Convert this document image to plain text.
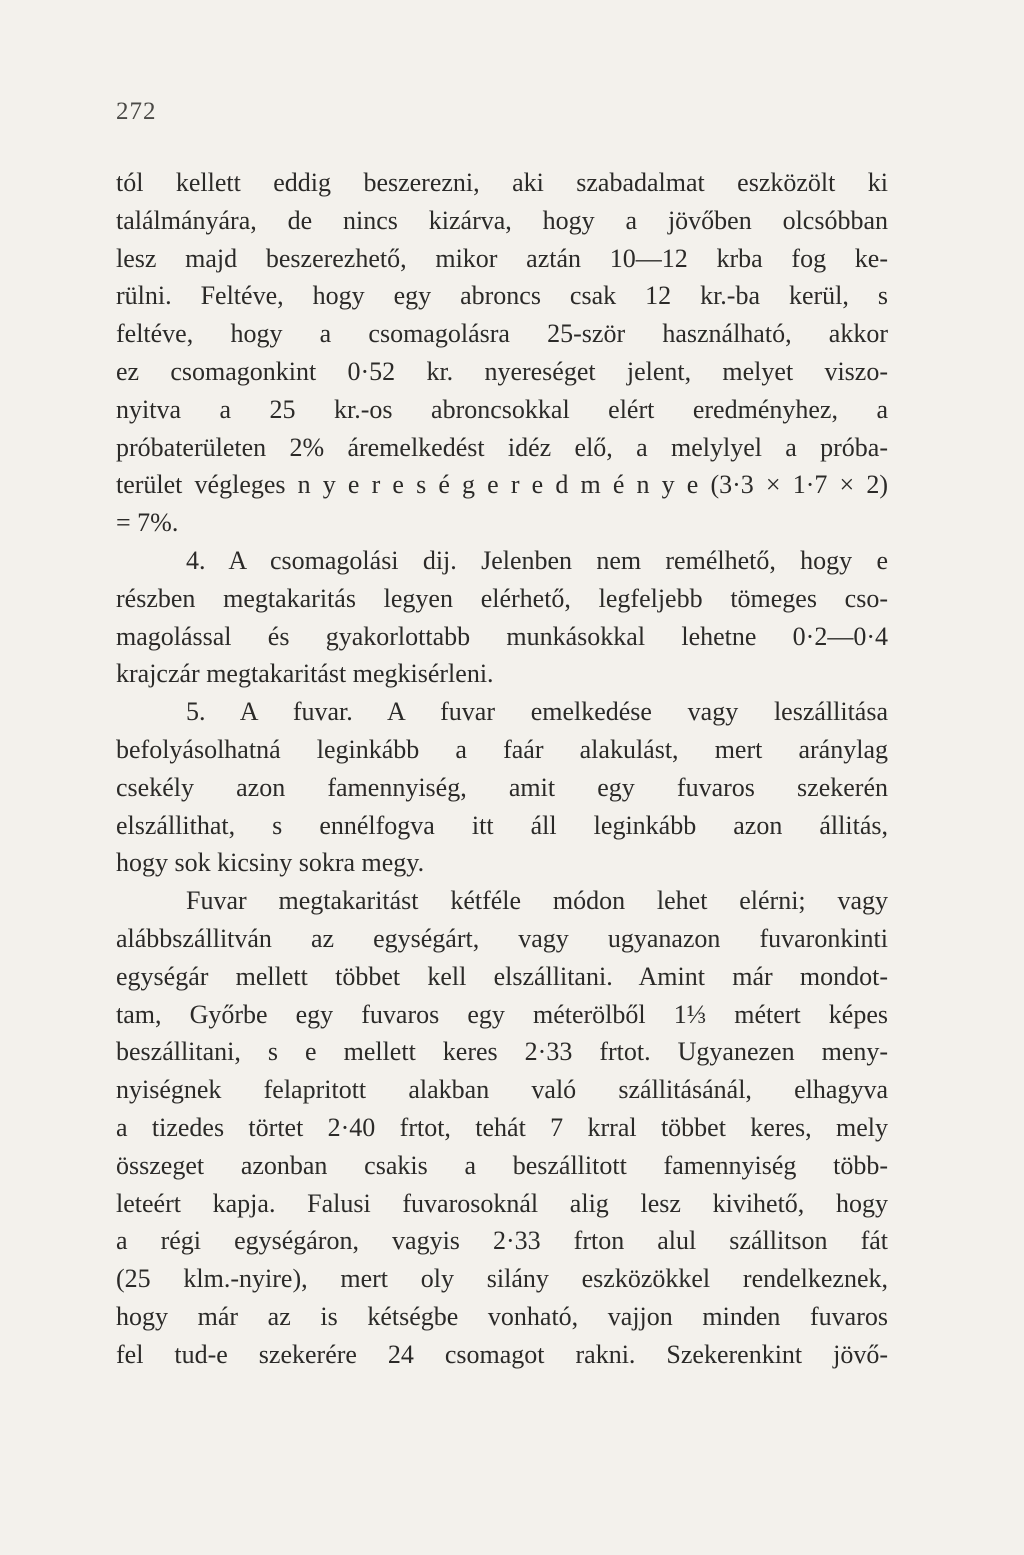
272
tól kellett eddig beszerezni, aki szabadalmat eszközölt ki
találmányára, de nincs kizárva, hogy a jövőben olcsóbban
lesz majd beszerezhető, mikor aztán 10—12 krba fog ke-
rülni. Feltéve, hogy egy abroncs csak 12 kr.-ba kerül, s
feltéve, hogy a csomagolásra 25-ször használható, akkor
ez csomagonkint 0·52 kr. nyereséget jelent, melyet viszo-
nyitva a 25 kr.-os abroncsokkal elért eredményhez, a
próbaterületen 2% áremelkedést idéz elő, a melylyel a próba-
terület végleges n y e r e s é g e r e d m é n y e (3·3 × 1·7 × 2)
= 7%.
4. A csomagolási dij. Jelenben nem remélhető, hogy e
részben megtakaritás legyen elérhető, legfeljebb tömeges cso-
magolással és gyakorlottabb munkásokkal lehetne 0·2—0·4
krajczár megtakaritást megkisérleni.
5. A fuvar. A fuvar emelkedése vagy leszállitása
befolyásolhatná leginkább a faár alakulást, mert aránylag
csekély azon famennyiség, amit egy fuvaros szekerén
elszállithat, s ennélfogva itt áll leginkább azon állitás,
hogy sok kicsiny sokra megy.
Fuvar megtakaritást kétféle módon lehet elérni; vagy
alábbszállitván az egységárt, vagy ugyanazon fuvaronkinti
egységár mellett többet kell elszállitani. Amint már mondot-
tam, Győrbe egy fuvaros egy méterölből 1⅓ métert képes
beszállitani, s e mellett keres 2·33 frtot. Ugyanezen meny-
nyiségnek felapritott alakban való szállitásánál, elhagyva
a tizedes törtet 2·40 frtot, tehát 7 krral többet keres, mely
összeget azonban csakis a beszállitott famennyiség több-
leteért kapja. Falusi fuvarosoknál alig lesz kivihető, hogy
a régi egységáron, vagyis 2·33 frton alul szállitson fát
(25 klm.-nyire), mert oly silány eszközökkel rendelkeznek,
hogy már az is kétségbe vonható, vajjon minden fuvaros
fel tud-e szekerére 24 csomagot rakni. Szekerenkint jövő-
